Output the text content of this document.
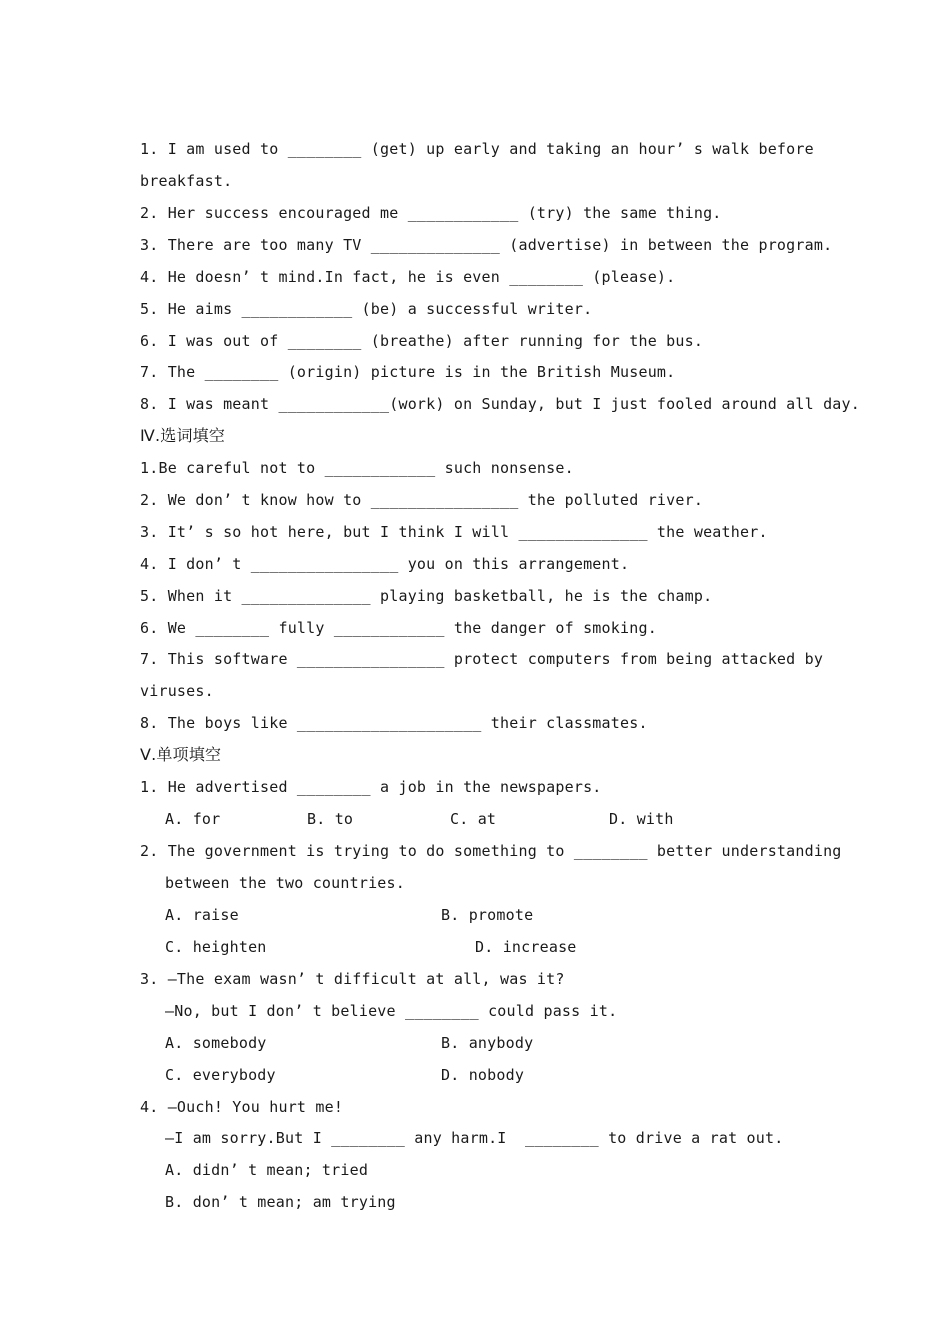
1. I am used to ________ (get) up early and taking an hour’ s walk before
breakfast.
2. Her success encouraged me ____________ (try) the same thing.
3. There are too many TV ______________ (advertise) in between the program.
4. He doesn’ t mind.In fact, he is even ________ (please).
5. He aims ____________ (be) a successful writer.
6. I was out of ________ (breathe) after running for the bus.
7. The ________ (origin) picture is in the British Museum.
8. I was meant ____________(work) on Sunday, but I just fooled around all day.
Ⅳ.选词填空
1.Be careful not to ____________ such nonsense.
2. We don’ t know how to ________________ the polluted river.
3. It’ s so hot here, but I think I will ______________ the weather.
4. I don’ t ________________ you on this arrangement.
5. When it ______________ playing basketball, he is the champ.
6. We ________ fully ____________ the danger of smoking.
7. This software ________________ protect computers from being attacked by
viruses.
8. The boys like ____________________ their classmates.
Ⅴ.单项填空
1. He advertised ________ a job in the newspapers.
A. for	B. to	C. at	D. with
2. The government is trying to do something to ________ better understanding
between the two countries.
A. raise	B. promote
C. heighten	D. increase
3. —The exam wasn’ t difficult at all, was it?
—No, but I don’ t believe ________ could pass it.
A. somebody	B. anybody
C. everybody	D. nobody
4. —Ouch! You hurt me!
—I am sorry.But I ________ any harm.I  ________ to drive a rat out.
A. didn’ t mean; tried
B. don’ t mean; am trying
